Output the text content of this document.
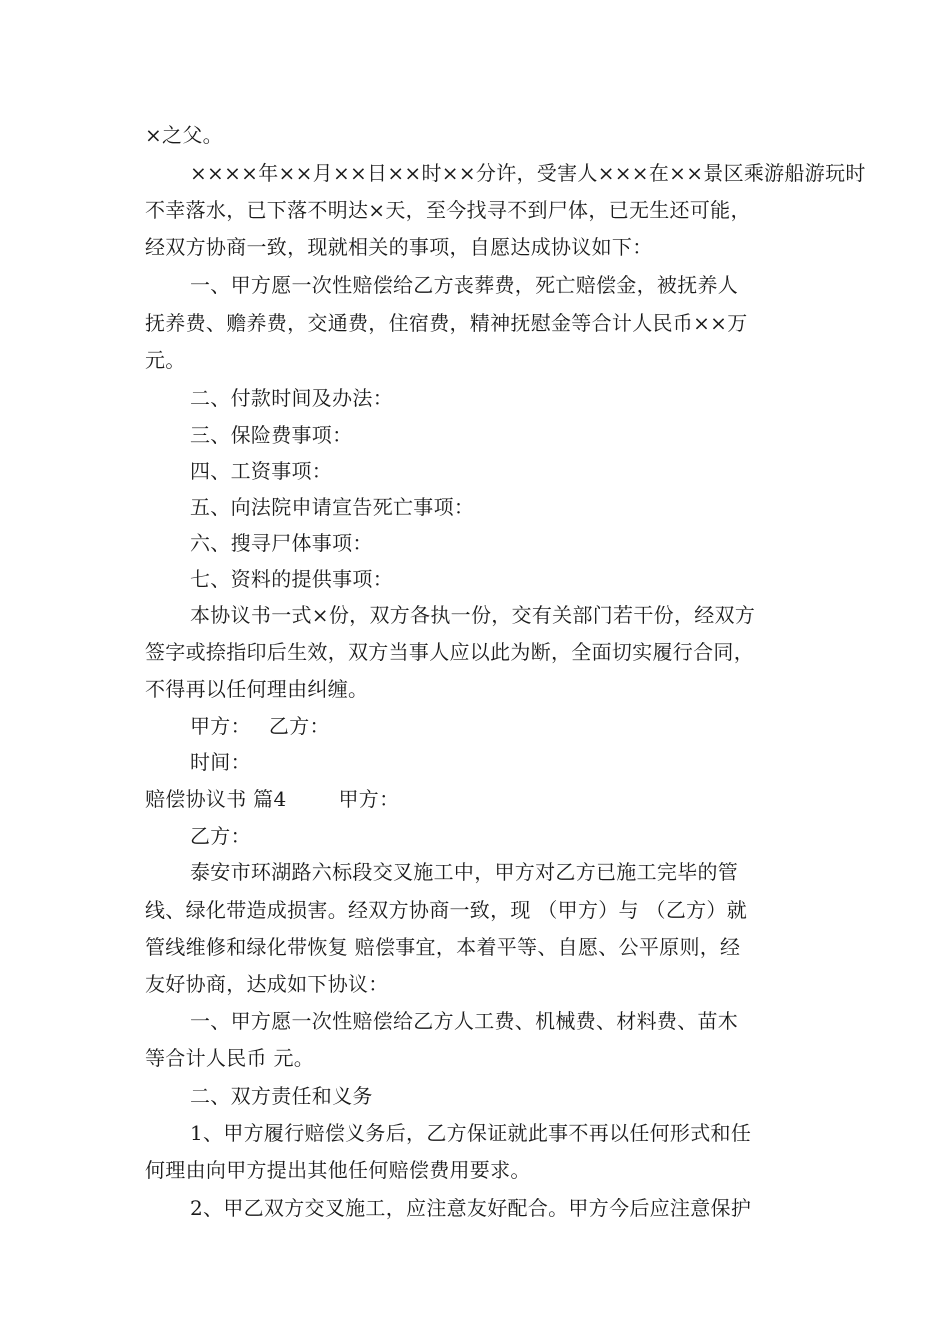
×之父。
××××年××月××日××时××分许，受害人×××在××景区乘游船游玩时
不幸落水，已下落不明达×天，至今找寻不到尸体，已无生还可能，
经双方协商一致，现就相关的事项，自愿达成协议如下：
一、甲方愿一次性赔偿给乙方丧葬费，死亡赔偿金，被抚养人
抚养费、赡养费，交通费，住宿费，精神抚慰金等合计人民币××万
元。
二、付款时间及办法：
三、保险费事项：
四、工资事项：
五、向法院申请宣告死亡事项：
六、搜寻尸体事项：
七、资料的提供事项：
本协议书一式×份，双方各执一份，交有关部门若干份，经双方
签字或捺指印后生效，双方当事人应以此为断，全面切实履行合同，
不得再以任何理由纠缠。
甲方： 乙方：
时间：
赔偿协议书 篇4	甲方：
乙方：
泰安市环湖路六标段交叉施工中，甲方对乙方已施工完毕的管
线、绿化带造成损害。经双方协商一致，现 （甲方）与 （乙方）就
管线维修和绿化带恢复 赔偿事宜，本着平等、自愿、公平原则，经
友好协商，达成如下协议：
一、甲方愿一次性赔偿给乙方人工费、机械费、材料费、苗木
等合计人民币 元。
二、双方责任和义务
1、甲方履行赔偿义务后，乙方保证就此事不再以任何形式和任
何理由向甲方提出其他任何赔偿费用要求。
2、甲乙双方交叉施工，应注意友好配合。甲方今后应注意保护
